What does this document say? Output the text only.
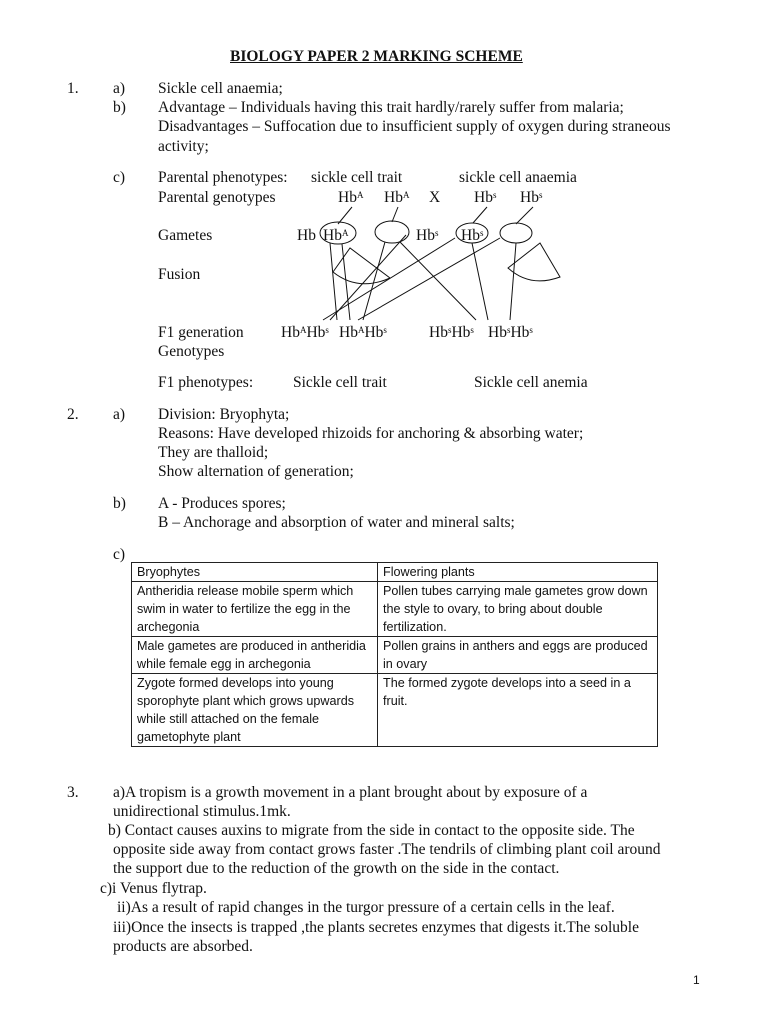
BIOLOGY PAPER 2 MARKING SCHEME
1. a) Sickle cell anaemia;
b) Advantage – Individuals having this trait hardly/rarely suffer from malaria;
Disadvantages – Suffocation due to insufficient supply of oxygen during straneous
activity;
c) Parental phenotypes: sickle cell trait	sickle cell anaemia
Parental genotypes	$Hb^A$ $Hb^A$ X Hb$^s$ Hb$^s$
Gametes	Hb $Hb^A$	Hb$^s$ Hb$^s$
Fusion
F1 generation
Genotypes
$Hb^AHb^s$ $Hb^AHb^s$	Hb$^s$Hb$^s$ Hb$^s$Hb$^s$
F1 phenotypes:	Sickle cell trait	Sickle cell anemia
2. a) Division: Bryophyta;
Reasons: Have developed rhizoids for anchoring & absorbing water;
They are thalloid;
Show alternation of generation;
b) A - Produces spores;
B – Anchorage and absorption of water and mineral salts;
c)
Bryophytes	Flowering plants
Antheridia release mobile sperm which swim in water to fertilize the egg in the archegonia	Pollen tubes carrying male gametes grow down the style to ovary, to bring about double fertilization.
Male gametes are produced in antheridia while female egg in archegonia	Pollen grains in anthers and eggs are produced in ovary
Zygote formed develops into young sporophyte plant which grows upwards while still attached on the female gametophyte plant	The formed zygote develops into a seed in a fruit.
3. a)A tropism is a growth movement in a plant brought about by exposure of a
unidirectional stimulus.1mk.
b) Contact causes auxins to migrate from the side in contact to the opposite side. The
opposite side away from contact grows faster .The tendrils of climbing plant coil around
the support due to the reduction of the growth on the side in the contact.
c)i Venus flytrap.
ii)As a result of rapid changes in the turgor pressure of a certain cells in the leaf.
iii)Once the insects is trapped ,the plants secretes enzymes that digests it.The soluble
products are absorbed.
1
